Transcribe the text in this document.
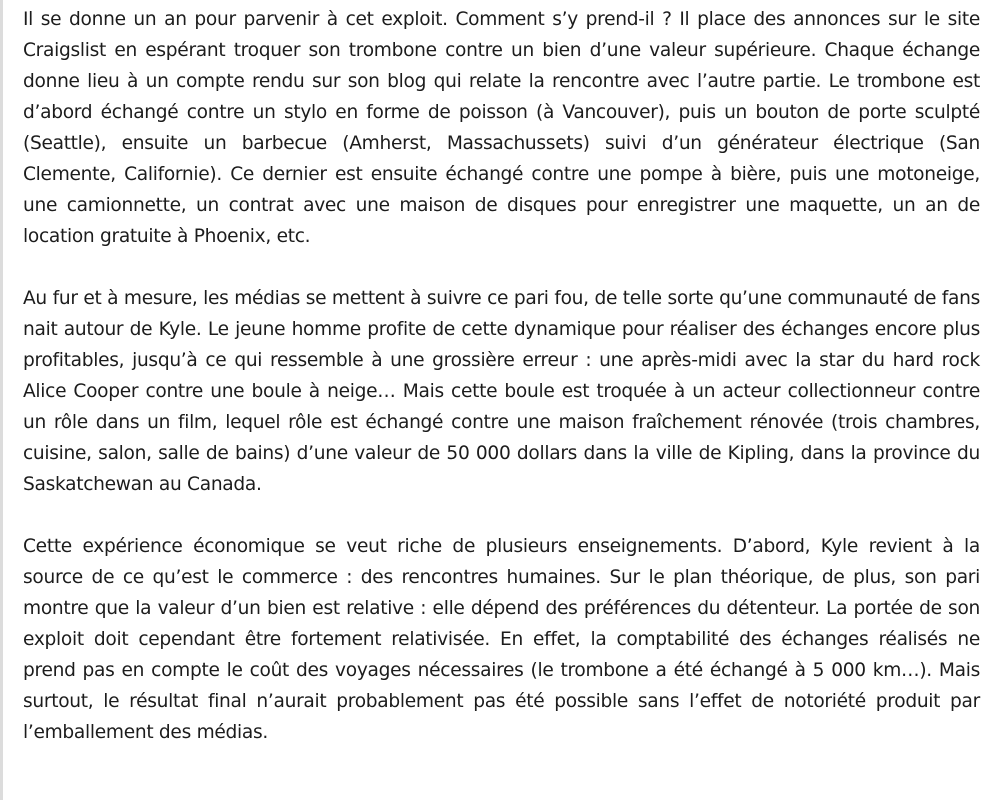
Il se donne un an pour parvenir à cet exploit. Comment s’y prend-il ? Il place des annonces sur le site Craigslist en espérant troquer son trombone contre un bien d’une valeur supérieure. Chaque échange donne lieu à un compte rendu sur son blog qui relate la rencontre avec l’autre partie. Le trombone est d’abord échangé contre un stylo en forme de poisson (à Vancouver), puis un bouton de porte sculpté (Seattle), ensuite un barbecue (Amherst, Massachussets) suivi d’un générateur électrique (San Clemente, Californie). Ce dernier est ensuite échangé contre une pompe à bière, puis une motoneige, une camionnette, un contrat avec une maison de disques pour enregistrer une maquette, un an de location gratuite à Phoenix, etc.

Au fur et à mesure, les médias se mettent à suivre ce pari fou, de telle sorte qu’une communauté de fans nait autour de Kyle. Le jeune homme profite de cette dynamique pour réaliser des échanges encore plus profitables, jusqu’à ce qui ressemble à une grossière erreur : une après-midi avec la star du hard rock Alice Cooper contre une boule à neige… Mais cette boule est troquée à un acteur collectionneur contre un rôle dans un film, lequel rôle est échangé contre une maison fraîchement rénovée (trois chambres, cuisine, salon, salle de bains) d’une valeur de 50 000 dollars dans la ville de Kipling, dans la province du Saskatchewan au Canada.

Cette expérience économique se veut riche de plusieurs enseignements. D’abord, Kyle revient à la source de ce qu’est le commerce : des rencontres humaines. Sur le plan théorique, de plus, son pari montre que la valeur d’un bien est relative : elle dépend des préférences du détenteur. La portée de son exploit doit cependant être fortement relativisée. En effet, la comptabilité des échanges réalisés ne prend pas en compte le coût des voyages nécessaires (le trombone a été échangé à 5 000 km…). Mais surtout, le résultat final n’aurait probablement pas été possible sans l’effet de notoriété produit par l’emballement des médias.
